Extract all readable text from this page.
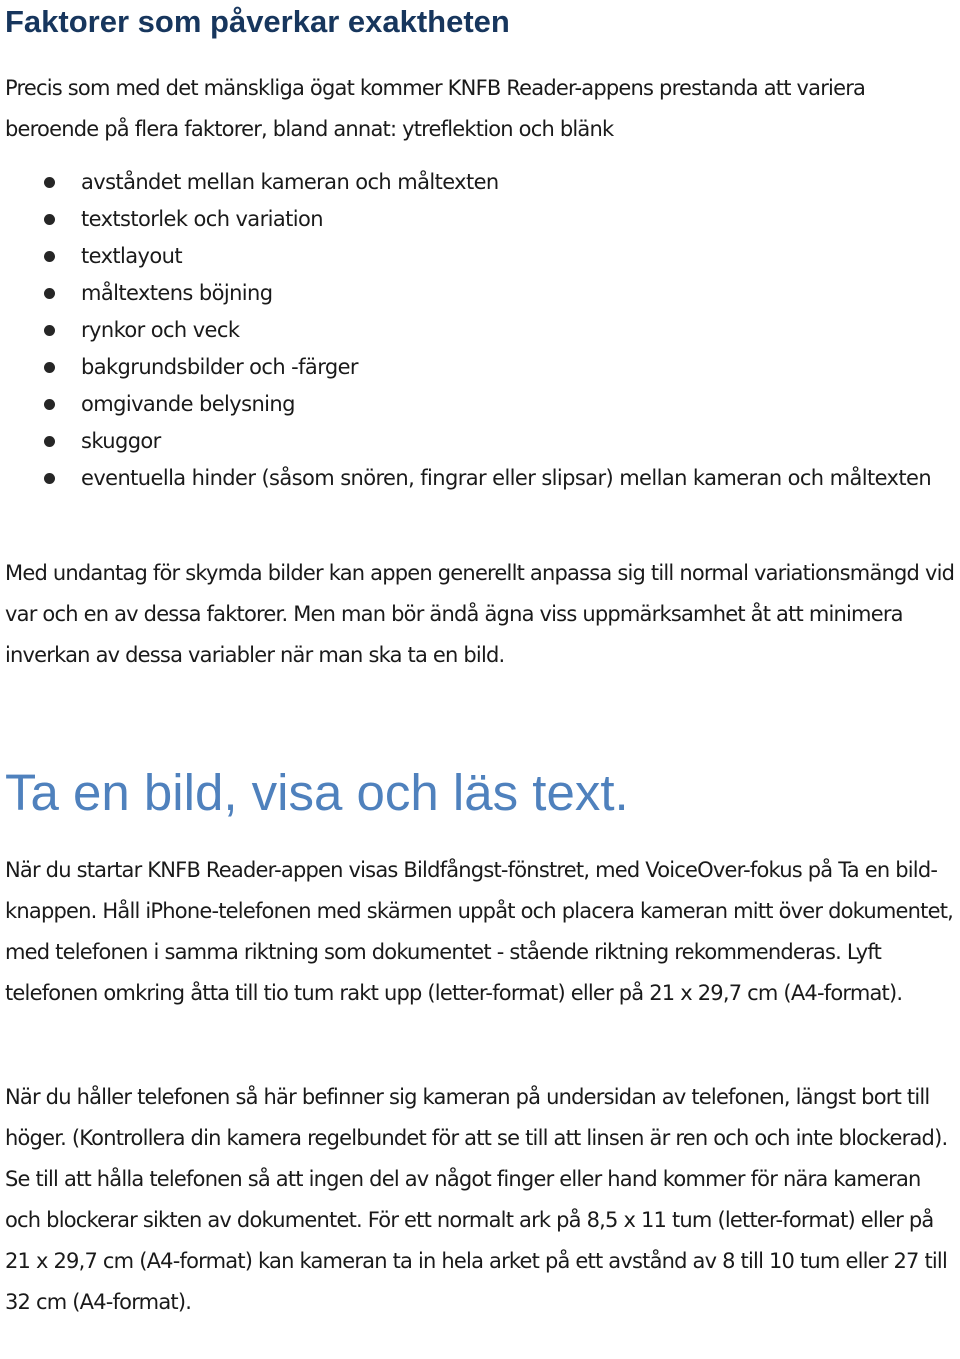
Faktorer som påverkar exaktheten

Precis som med det mänskliga ögat kommer KNFB Reader-appens prestanda att variera beroende på flera faktorer, bland annat: ytreflektion och blänk

avståndet mellan kameran och måltexten
textstorlek och variation
textlayout
måltextens böjning
rynkor och veck
bakgrundsbilder och -färger
omgivande belysning
skuggor
eventuella hinder (såsom snören, fingrar eller slipsar) mellan kameran och måltexten

Med undantag för skymda bilder kan appen generellt anpassa sig till normal variationsmängd vid var och en av dessa faktorer. Men man bör ändå ägna viss uppmärksamhet åt att minimera inverkan av dessa variabler när man ska ta en bild.

Ta en bild, visa och läs text.

När du startar KNFB Reader-appen visas Bildfångst-fönstret, med VoiceOver-fokus på Ta en bild-knappen. Håll iPhone-telefonen med skärmen uppåt och placera kameran mitt över dokumentet, med telefonen i samma riktning som dokumentet - stående riktning rekommenderas. Lyft telefonen omkring åtta till tio tum rakt upp (letter-format) eller på 21 x 29,7 cm (A4-format).

När du håller telefonen så här befinner sig kameran på undersidan av telefonen, längst bort till höger. (Kontrollera din kamera regelbundet för att se till att linsen är ren och och inte blockerad). Se till att hålla telefonen så att ingen del av något finger eller hand kommer för nära kameran och blockerar sikten av dokumentet. För ett normalt ark på 8,5 x 11 tum (letter-format) eller på 21 x 29,7 cm (A4-format) kan kameran ta in hela arket på ett avstånd av 8 till 10 tum eller 27 till 32 cm (A4-format).
